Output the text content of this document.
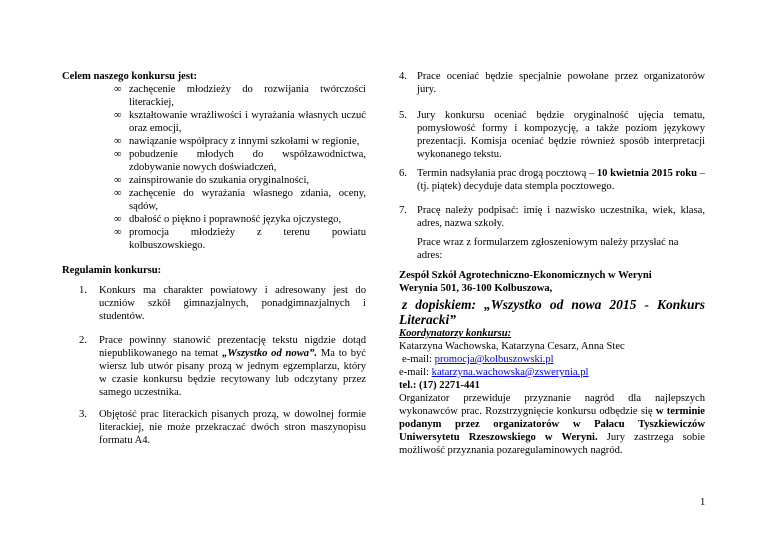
Celem naszego konkursu jest:
∞ zachęcenie młodzieży do rozwijania twórczości literackiej,
∞ kształtowanie wrażliwości i wyrażania własnych uczuć oraz emocji,
∞ nawiązanie współpracy z innymi szkołami w regionie,
∞ pobudzenie młodych do współzawodnictwa, zdobywanie nowych doświadczeń,
∞ zainspirowanie do szukania oryginalności,
∞ zachęcenie do wyrażania własnego zdania, oceny, sądów,
∞ dbałość o piękno i poprawność języka ojczystego,
∞ promocja młodzieży z terenu powiatu kolbuszowskiego.
Regulamin konkursu:
1. Konkurs ma charakter powiatowy i adresowany jest do uczniów szkół gimnazjalnych, ponadgimnazjalnych i studentów.
2. Prace powinny stanowić prezentację tekstu nigdzie dotąd niepublikowanego na temat „Wszystko od nowa”. Ma to być wiersz lub utwór pisany prozą w jednym egzemplarzu, który w czasie konkursu będzie recytowany lub odczytany przez samego uczestnika.
3. Objętość prac literackich pisanych prozą, w dowolnej formie literackiej, nie może przekraczać dwóch stron maszynopisu formatu A4.
4. Prace oceniać będzie specjalnie powołane przez organizatorów jury.
5. Jury konkursu oceniać będzie oryginalność ujęcia tematu, pomysłowość formy i kompozycję, a także poziom językowy prezentacji. Komisja oceniać będzie również sposób interpretacji wykonanego tekstu.
6. Termin nadsyłania prac drogą pocztową – 10 kwietnia 2015 roku – (tj. piątek) decyduje data stempla pocztowego.
7. Pracę należy podpisać: imię i nazwisko uczestnika, wiek, klasa, adres, nazwa szkoły.
Prace wraz z formularzem zgłoszeniowym należy przysłać na adres:
Zespół Szkół Agrotechniczno-Ekonomicznych w Weryni
Werynia 501, 36-100 Kolbuszowa,
z dopiskiem: „Wszystko od nowa 2015 - Konkurs Literacki”
Koordynatorzy konkursu:
Katarzyna Wachowska, Katarzyna Cesarz, Anna Stec
e-mail: promocja@kolbuszowski.pl
e-mail: katarzyna.wachowska@zswerynia.pl
tel.: (17) 2271-441
Organizator przewiduje przyznanie nagród dla najlepszych wykonawców prac. Rozstrzygnięcie konkursu odbędzie się w terminie podanym przez organizatorów w Pałacu Tyszkiewiczów Uniwersytetu Rzeszowskiego w Weryni. Jury zastrzega sobie możliwość przyznania pozaregulaminowych nagród.
1
